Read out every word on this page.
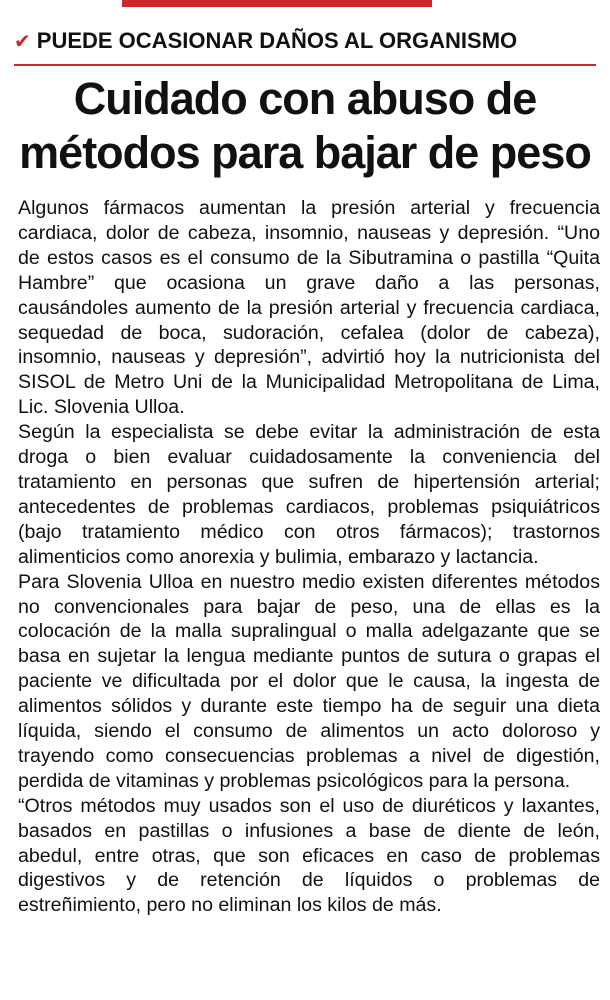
✔ PUEDE OCASIONAR DAÑOS AL ORGANISMO
Cuidado con abuso de
métodos para bajar de peso

Algunos fármacos aumentan la presión arterial y frecuencia cardiaca, dolor de cabeza, insomnio, nauseas y depresión. “Uno de estos casos es el consumo de la Sibutramina o pastilla “Quita Hambre” que ocasiona un grave daño a las personas, causándoles aumento de la presión arterial y frecuencia cardiaca, sequedad de boca, sudoración, cefalea (dolor de cabeza), insomnio, nauseas y depresión”, advirtió hoy la nutricionista del SISOL de Metro Uni de la Municipalidad Metropolitana de Lima, Lic. Slovenia Ulloa.

Según la especialista se debe evitar la administración de esta droga o bien evaluar cuidadosamente la conveniencia del tratamiento en personas que sufren de hipertensión arterial; antecedentes de problemas cardiacos, problemas psiquiátricos (bajo tratamiento médico con otros fármacos); trastornos alimenticios como anorexia y bulimia, embarazo y lactancia.

Para Slovenia Ulloa en nuestro medio existen diferentes métodos no convencionales para bajar de peso, una de ellas es la colocación de la malla supralingual o malla adelgazante que se basa en sujetar la lengua mediante puntos de sutura o grapas el paciente ve dificultada por el dolor que le causa, la ingesta de alimentos sólidos y durante este tiempo ha de seguir una dieta líquida, siendo el consumo de alimentos un acto doloroso y trayendo como consecuencias problemas a nivel de digestión, perdida de vitaminas y problemas psicológicos para la persona.

“Otros métodos muy usados son el uso de diuréticos y laxantes, basados en pastillas o infusiones a base de diente de león, abedul, entre otras, que son eficaces en caso de problemas digestivos y de retención de líquidos o problemas de estreñimiento, pero no eliminan los kilos de más.
